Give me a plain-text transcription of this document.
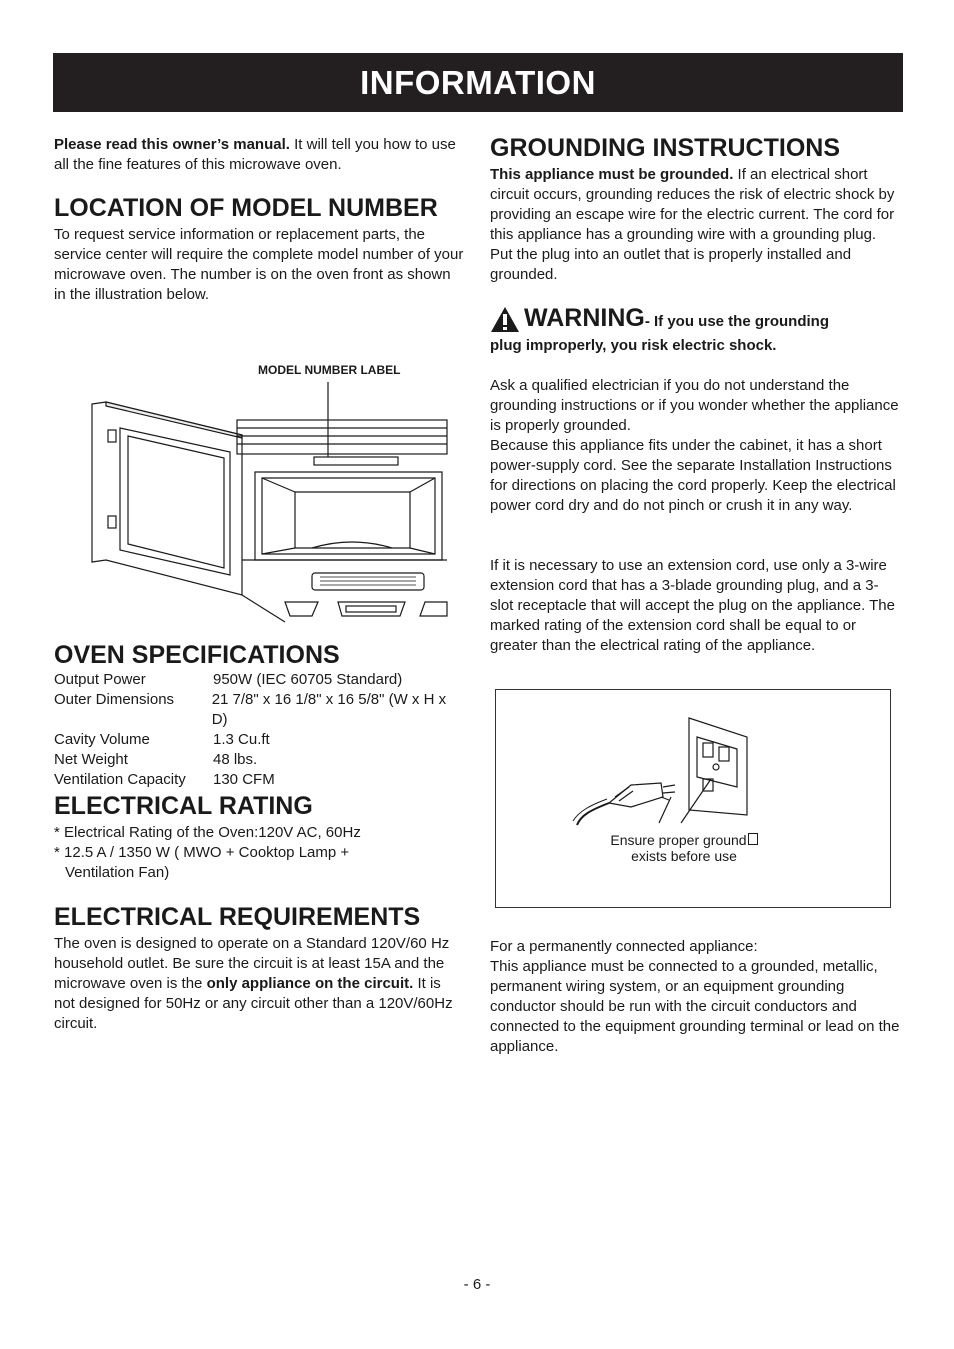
INFORMATION
Please read this owner’s manual. It will tell you how to use all the fine features of this microwave oven.
LOCATION OF MODEL NUMBER

To request service information or replacement parts, the service center will require the complete model number of your microwave oven. The number is on the oven front as shown in the illustration below.

MODEL NUMBER LABEL
OVEN SPECIFICATIONS
Output Power	950W (IEC 60705 Standard)
Outer Dimensions	21 7/8" x 16 1/8" x 16 5/8" (W x H x D)
Cavity Volume	1.3 Cu.ft
Net Weight	48 lbs.
Ventilation Capacity	130 CFM
ELECTRICAL RATING

* Electrical Rating of the Oven:120V AC, 60Hz

* 12.5 A / 1350 W ( MWO + Cooktop Lamp +

Ventilation Fan)

ELECTRICAL REQUIREMENTS

The oven is designed to operate on a Standard 120V/60 Hz household outlet. Be sure the circuit is at least 15A and the microwave oven is the only appliance on the circuit. It is not designed for 50Hz or any circuit other than a 120V/60Hz circuit.

GROUNDING INSTRUCTIONS

This appliance must be grounded. If an electrical short circuit occurs, grounding reduces the risk of electric shock by providing an escape wire for the electric current. The cord for this appliance has a grounding wire with a grounding plug. Put the plug into an outlet that is properly installed and grounded.

WARNING - If you use the grounding
plug improperly, you risk electric shock.

Ask a qualified electrician if you do not understand the grounding instructions or if you wonder whether the appliance is properly grounded.

Because this appliance fits under the cabinet, it has a short power-supply cord. See the separate Installation Instructions for directions on placing the cord properly. Keep the electrical power cord dry and do not pinch or crush it in any way.

If it is necessary to use an extension cord, use only a 3-wire extension cord that has a 3-blade grounding plug, and a 3-slot receptacle that will accept the plug on the appliance. The marked rating of the extension cord shall be equal to or greater than the electrical rating of the appliance.

Ensure proper ground
exists before use

For a permanently connected appliance:

This appliance must be connected to a grounded, metallic, permanent wiring system, or an equipment grounding conductor should be run with the circuit conductors and connected to the equipment grounding terminal or lead on the appliance.

- 6 -
